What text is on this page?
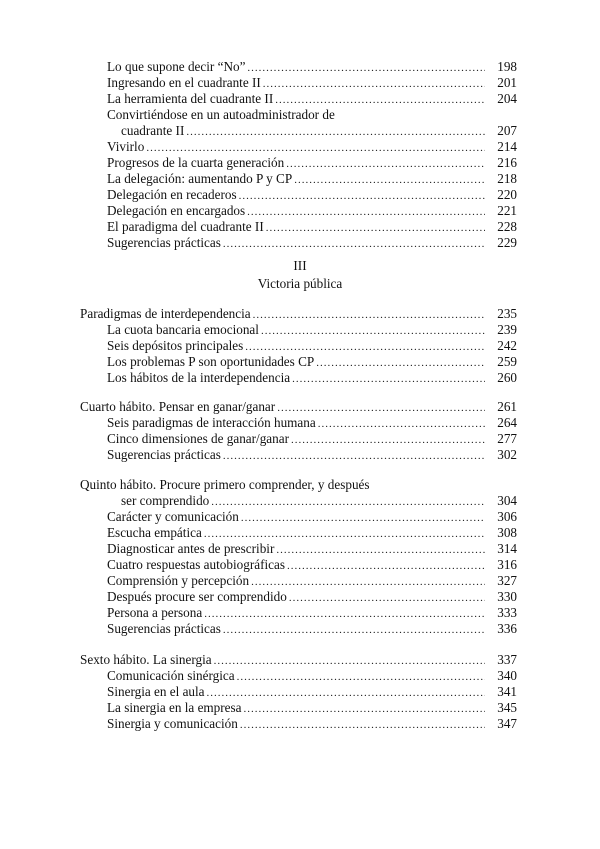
Lo que supone decir “No” .....	198
Ingresando en el cuadrante II .....	201
La herramienta del cuadrante II .....	204
Convirtiéndose en un autoadministrador de
cuadrante II .....	207
Vivirlo .....	214
Progresos de la cuarta generación .....	216
La delegación: aumentando P y CP .....	218
Delegación en recaderos .....	220
Delegación en encargados .....	221
El paradigma del cuadrante II .....	228
Sugerencias prácticas .....	229
III
Victoria pública
Paradigmas de interdependencia .....	235
La cuota bancaria emocional .....	239
Seis depósitos principales .....	242
Los problemas P son oportunidades CP .....	259
Los hábitos de la interdependencia .....	260
Cuarto hábito. Pensar en ganar/ganar .....	261
Seis paradigmas de interacción humana .....	264
Cinco dimensiones de ganar/ganar .....	277
Sugerencias prácticas .....	302
Quinto hábito. Procure primero comprender, y después
ser comprendido .....	304
Carácter y comunicación .....	306
Escucha empática .....	308
Diagnosticar antes de prescribir .....	314
Cuatro respuestas autobiográficas .....	316
Comprensión y percepción .....	327
Después procure ser comprendido .....	330
Persona a persona .....	333
Sugerencias prácticas .....	336
Sexto hábito. La sinergia .....	337
Comunicación sinérgica .....	340
Sinergia en el aula .....	341
La sinergia en la empresa .....	345
Sinergia y comunicación .....	347
